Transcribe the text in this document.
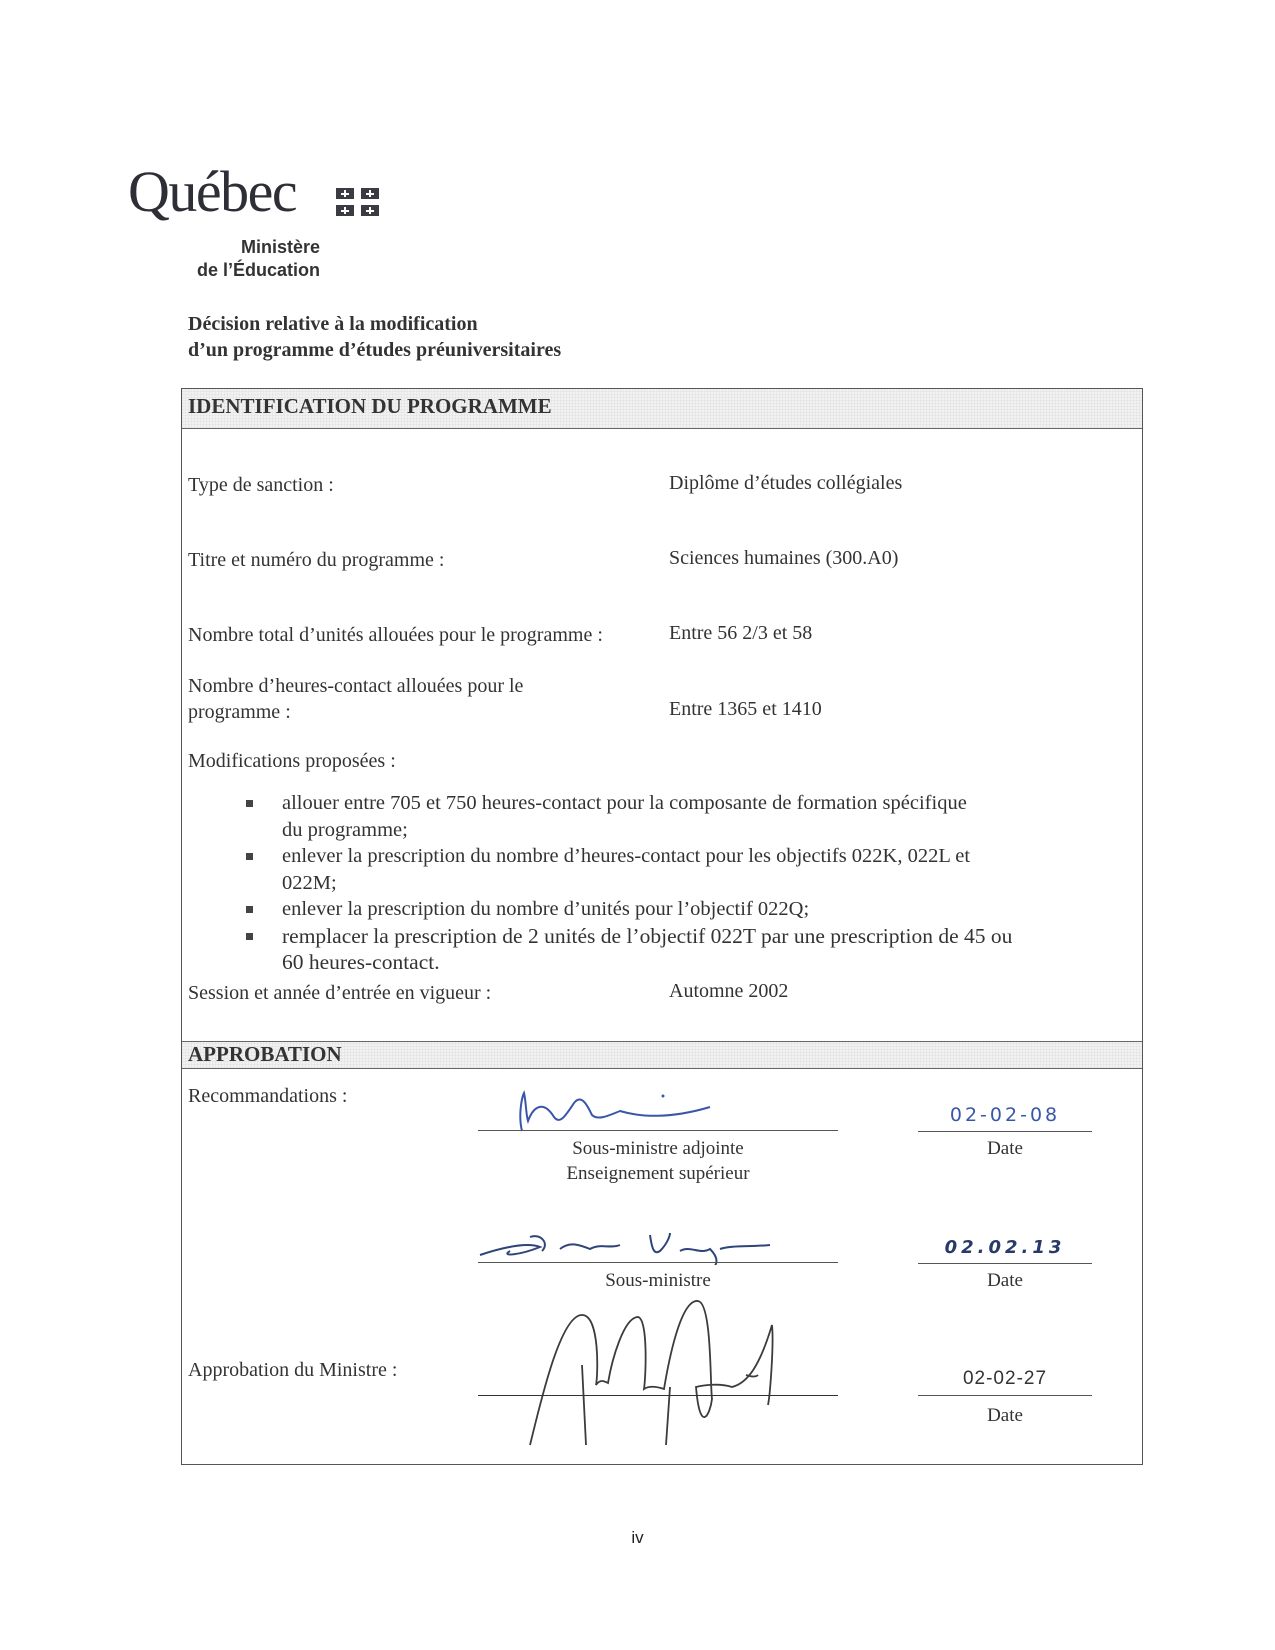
Québec
Ministère
de l’Éducation
Décision relative à la modification
d’un programme d’études préuniversitaires
IDENTIFICATION DU PROGRAMME
Type de sanction :	Diplôme d’études collégiales
Titre et numéro du programme :	Sciences humaines (300.A0)
Nombre total d’unités allouées pour le programme :	Entre 56 2/3 et 58
Nombre d’heures-contact allouées pour le
programme :	Entre 1365 et 1410
Modifications proposées :
allouer entre 705 et 750 heures-contact pour la composante de formation spécifique
du programme;
enlever la prescription du nombre d’heures-contact pour les objectifs 022K, 022L et
022M;
enlever la prescription du nombre d’unités pour l’objectif 022Q;
remplacer la prescription de 2 unités de l’objectif 022T par une prescription de 45 ou
60 heures-contact.
Session et année d’entrée en vigueur :	Automne 2002
APPROBATION
Recommandations :
Sous-ministre adjointe
Enseignement supérieur
02-02-08
Date
Sous-ministre
02.02.13
Date
Approbation du Ministre :	02-02-27
Date
iv
